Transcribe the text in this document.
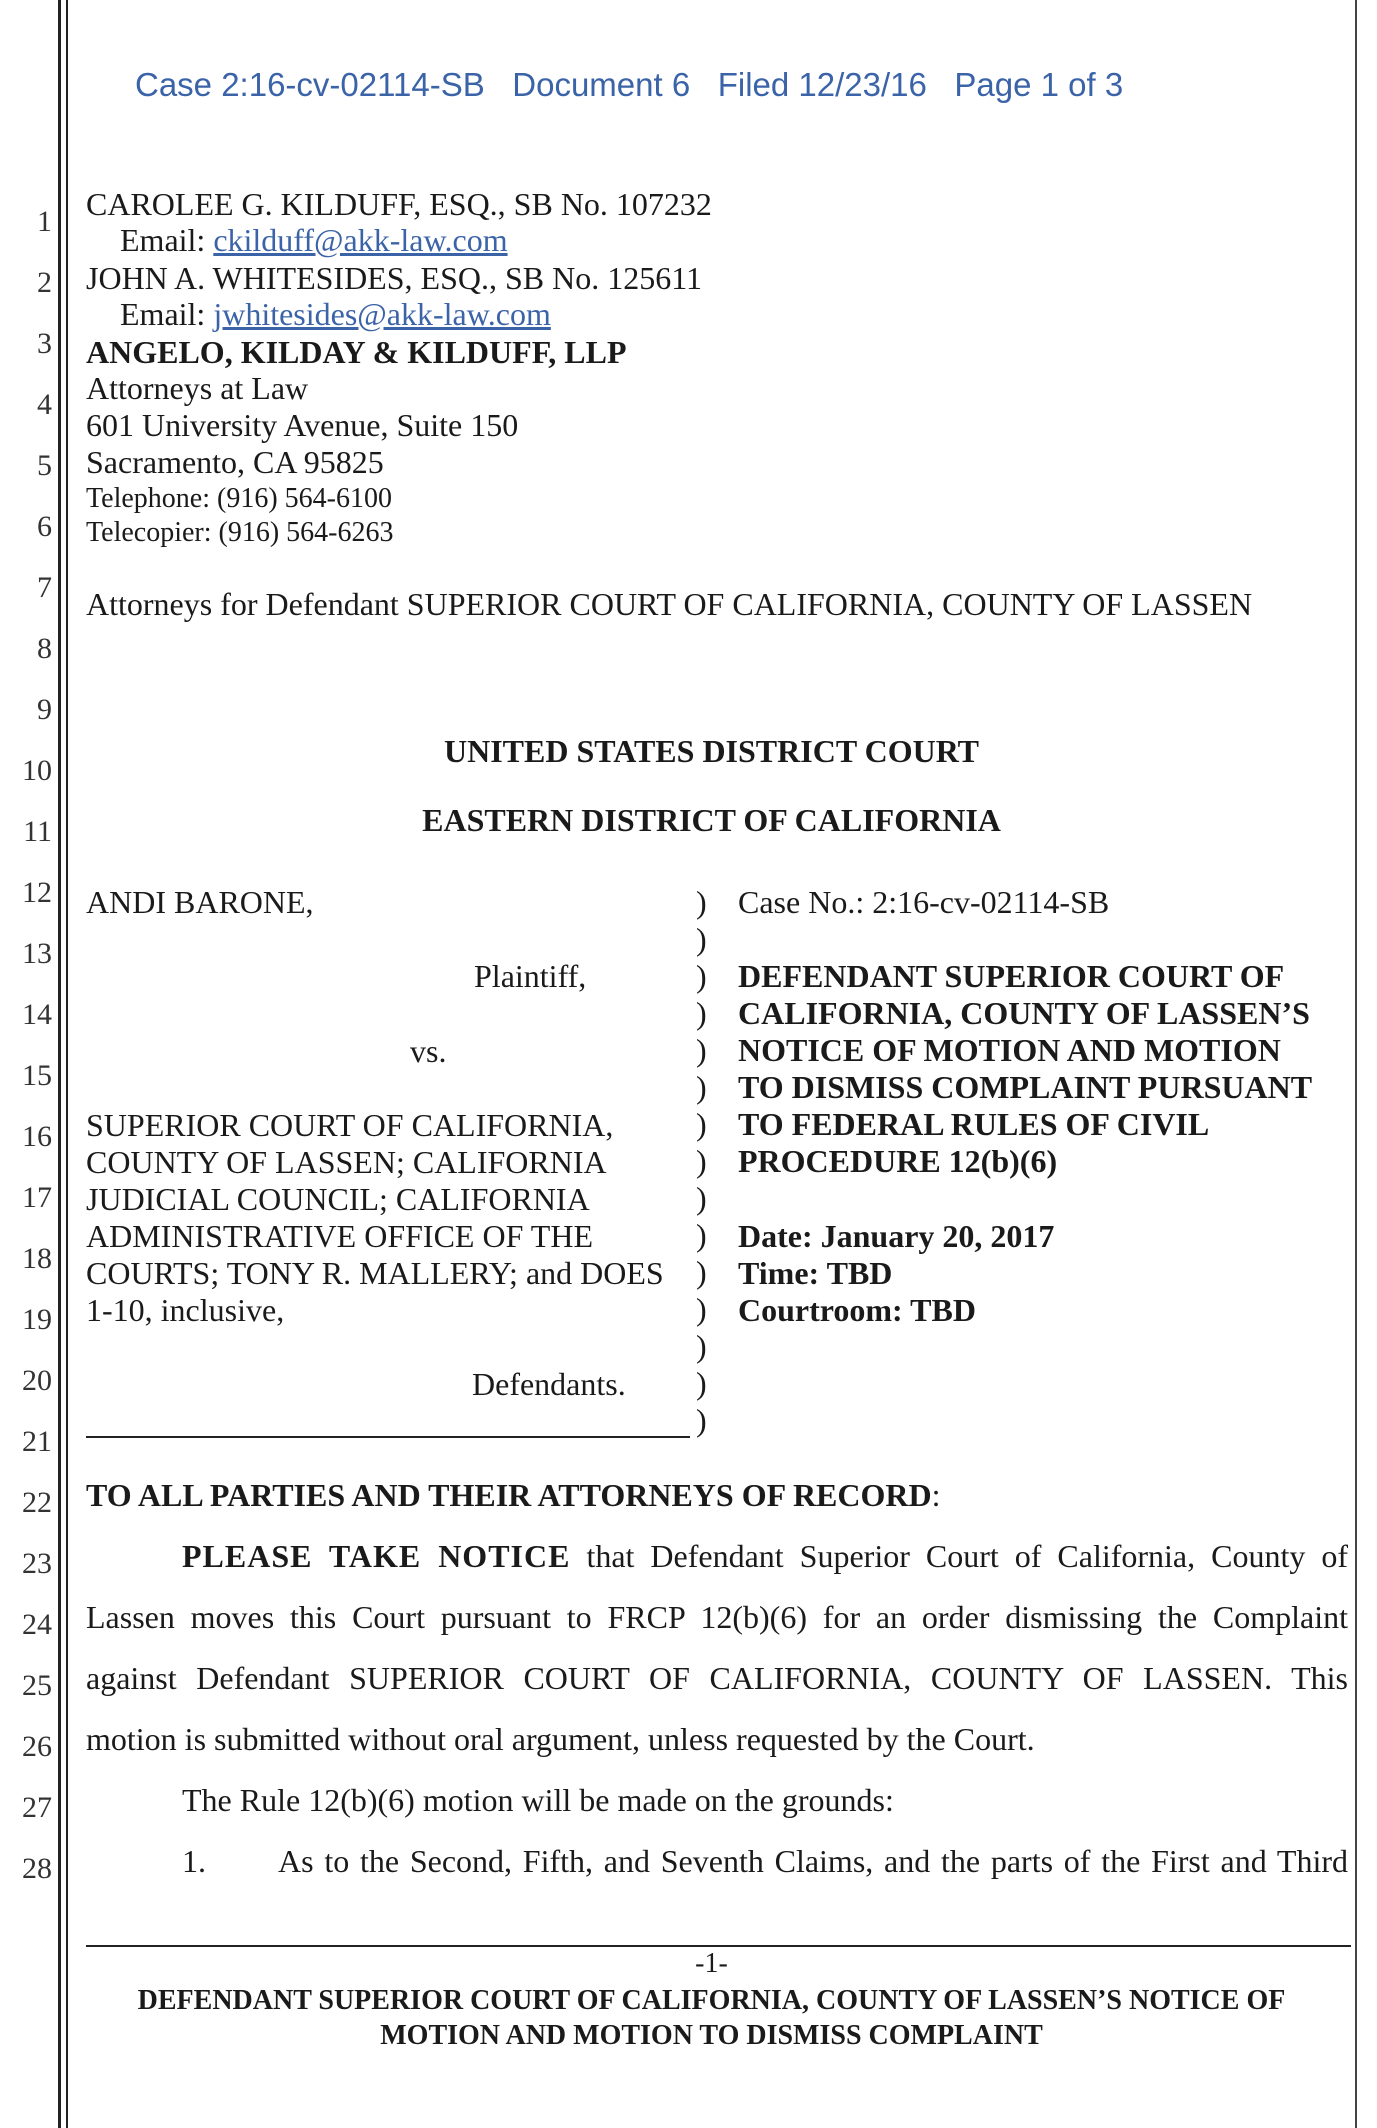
Case 2:16-cv-02114-SB Document 6 Filed 12/23/16 Page 1 of 3
1
2
3
4
5
6
7
8
9
10
11
12
13
14
15
16
17
18
19
20
21
22
23
24
25
26
27
28
CAROLEE G. KILDUFF, ESQ., SB No. 107232
Email: ckilduff@akk-law.com
JOHN A. WHITESIDES, ESQ., SB No. 125611
Email: jwhitesides@akk-law.com
ANGELO, KILDAY & KILDUFF, LLP
Attorneys at Law
601 University Avenue, Suite 150
Sacramento, CA 95825
Telephone: (916) 564-6100
Telecopier: (916) 564-6263
Attorneys for Defendant SUPERIOR COURT OF CALIFORNIA, COUNTY OF LASSEN
UNITED STATES DISTRICT COURT
EASTERN DISTRICT OF CALIFORNIA
ANDI BARONE,
Plaintiff,
vs.
SUPERIOR COURT OF CALIFORNIA,
COUNTY OF LASSEN; CALIFORNIA
JUDICIAL COUNCIL; CALIFORNIA
ADMINISTRATIVE OFFICE OF THE
COURTS; TONY R. MALLERY; and DOES
1-10, inclusive,
Defendants.
)
)
)
)
)
)
)
)
)
)
)
)
)
)
)
Case No.: 2:16-cv-02114-SB
DEFENDANT SUPERIOR COURT OF
CALIFORNIA, COUNTY OF LASSEN’S
NOTICE OF MOTION AND MOTION
TO DISMISS COMPLAINT PURSUANT
TO FEDERAL RULES OF CIVIL
PROCEDURE 12(b)(6)
Date: January 20, 2017
Time: TBD
Courtroom: TBD
TO ALL PARTIES AND THEIR ATTORNEYS OF RECORD:
PLEASE TAKE NOTICE that Defendant Superior Court of California, County of
Lassen moves this Court pursuant to FRCP 12(b)(6) for an order dismissing the Complaint
against Defendant SUPERIOR COURT OF CALIFORNIA, COUNTY OF LASSEN. This
motion is submitted without oral argument, unless requested by the Court.
The Rule 12(b)(6) motion will be made on the grounds:
1. As to the Second, Fifth, and Seventh Claims, and the parts of the First and Third
-1-
DEFENDANT SUPERIOR COURT OF CALIFORNIA, COUNTY OF LASSEN’S NOTICE OF
MOTION AND MOTION TO DISMISS COMPLAINT
